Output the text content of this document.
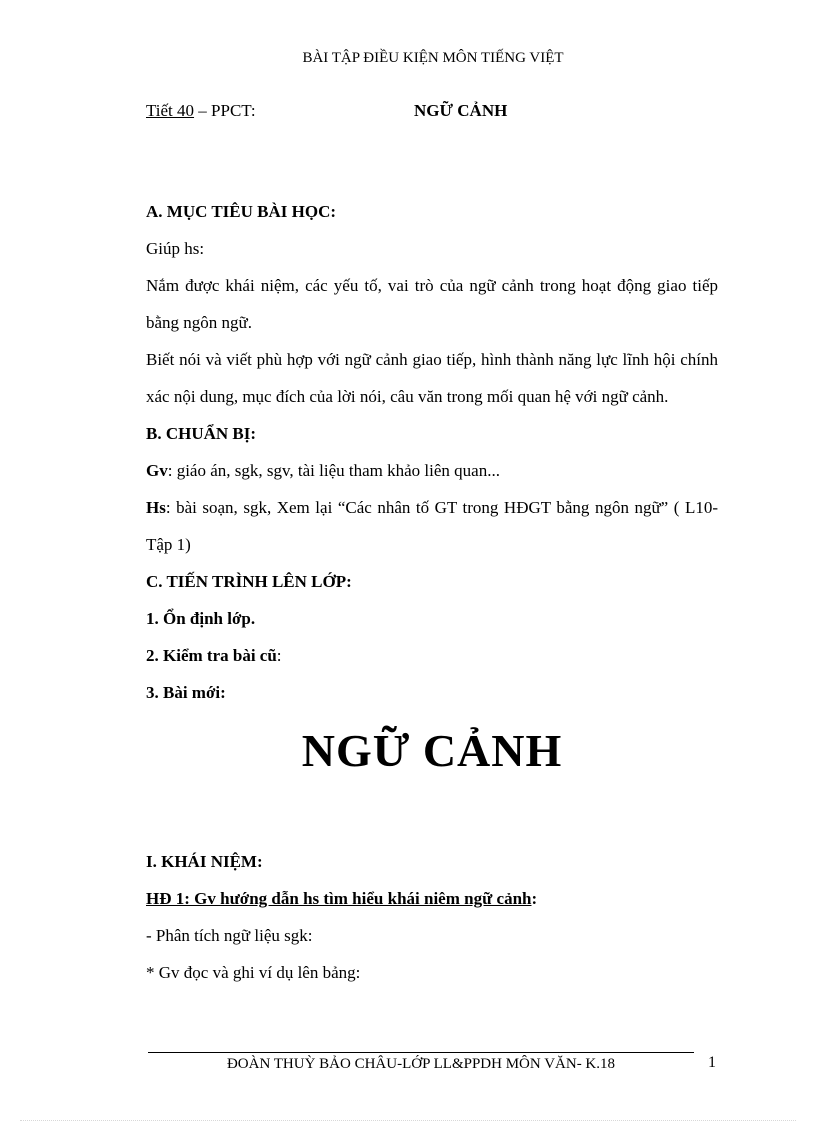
BÀI TẬP ĐIỀU KIỆN MÔN TIẾNG VIỆT
Tiết 40 – PPCT:	NGỮ CẢNH

A. MỤC TIÊU BÀI HỌC:

Giúp hs:

Nắm được khái niệm, các yếu tố, vai trò của ngữ cảnh trong hoạt động giao tiếp bằng ngôn ngữ.

Biết nói và viết phù hợp với ngữ cảnh giao tiếp, hình thành năng lực lĩnh hội chính xác nội dung, mục đích của lời nói, câu văn trong mối quan hệ với ngữ cảnh.

B. CHUẨN BỊ:

Gv: giáo án, sgk, sgv, tài liệu tham khảo liên quan...

Hs: bài soạn, sgk, Xem lại “Các nhân tố GT trong HĐGT bằng ngôn ngữ” ( L10- Tập 1)

C. TIẾN TRÌNH LÊN LỚP:

1. Ổn định lớp.

2. Kiểm tra bài cũ:

3. Bài mới:

NGỮ CẢNH

I. KHÁI NIỆM:

HĐ 1: Gv hướng dẫn hs tìm hiểu khái niêm ngữ cảnh:

- Phân tích ngữ liệu sgk:

* Gv đọc và ghi ví dụ lên bảng:

ĐOÀN THUỲ BẢO CHÂU-LỚP LL&PPDH MÔN VĂN- K.18	1
